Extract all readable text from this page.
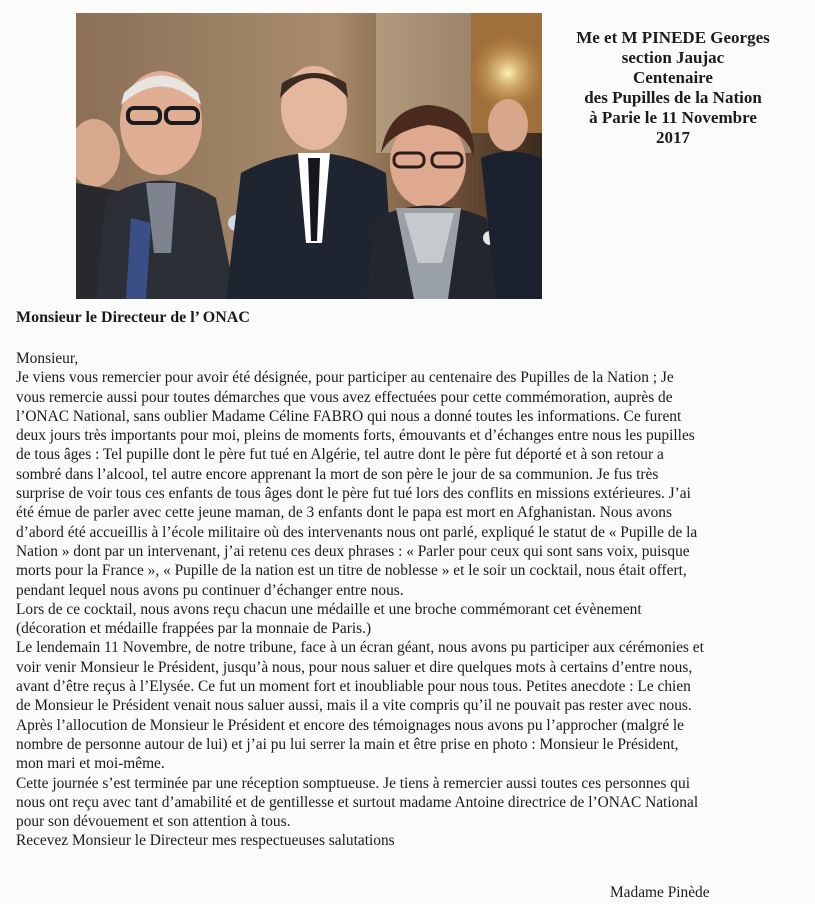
Me et M PINEDE Georges
section Jaujac
Centenaire
des Pupilles de la Nation
à Parie le 11 Novembre
2017
Monsieur le Directeur de l’ ONAC
Monsieur,
Je viens vous remercier pour avoir été désignée, pour participer au centenaire des Pupilles de la Nation ; Je
vous remercie aussi pour toutes démarches que vous avez effectuées pour cette commémoration, auprès de
l’ONAC National, sans oublier Madame Céline FABRO qui nous a donné toutes les informations. Ce furent
deux jours très importants pour moi, pleins de moments forts, émouvants et d’échanges entre nous les pupilles
de tous âges : Tel pupille dont le père fut tué en Algérie, tel autre dont le père fut déporté et à son retour a
sombré dans l’alcool, tel autre encore apprenant la mort de son père le jour de sa communion. Je fus très
surprise de voir tous ces enfants de tous âges dont le père fut tué lors des conflits en missions extérieures. J’ai
été émue de parler avec cette jeune maman, de 3 enfants dont le papa est mort en Afghanistan. Nous avons
d’abord été accueillis à l’école militaire où des intervenants nous ont parlé, expliqué le statut de « Pupille de la
Nation » dont par un intervenant, j’ai retenu ces deux phrases : « Parler pour ceux qui sont sans voix, puisque
morts pour la France », « Pupille de la nation est un titre de noblesse » et le soir un cocktail, nous était offert,
pendant lequel nous avons pu continuer d’échanger entre nous.
Lors de ce cocktail, nous avons reçu chacun une médaille et une broche commémorant cet évènement
(décoration et médaille frappées par la monnaie de Paris.)
Le lendemain 11 Novembre, de notre tribune, face à un écran géant, nous avons pu participer aux cérémonies et
voir venir Monsieur le Président, jusqu’à nous, pour nous saluer et dire quelques mots à certains d’entre nous,
avant d’être reçus à l’Elysée. Ce fut un moment fort et inoubliable pour nous tous. Petites anecdote : Le chien
de Monsieur le Président venait nous saluer aussi, mais il a vite compris qu’il ne pouvait pas rester avec nous.
Après l’allocution de Monsieur le Président et encore des témoignages nous avons pu l’approcher (malgré le
nombre de personne autour de lui) et j’ai pu lui serrer la main et être prise en photo : Monsieur le Président,
mon mari et moi-même.
Cette journée s’est terminée par une réception somptueuse. Je tiens à remercier aussi toutes ces personnes qui
nous ont reçu avec tant d’amabilité et de gentillesse et surtout madame Antoine directrice de l’ONAC National
pour son dévouement et son attention à tous.
Recevez Monsieur le Directeur mes respectueuses salutations
Madame Pinède
